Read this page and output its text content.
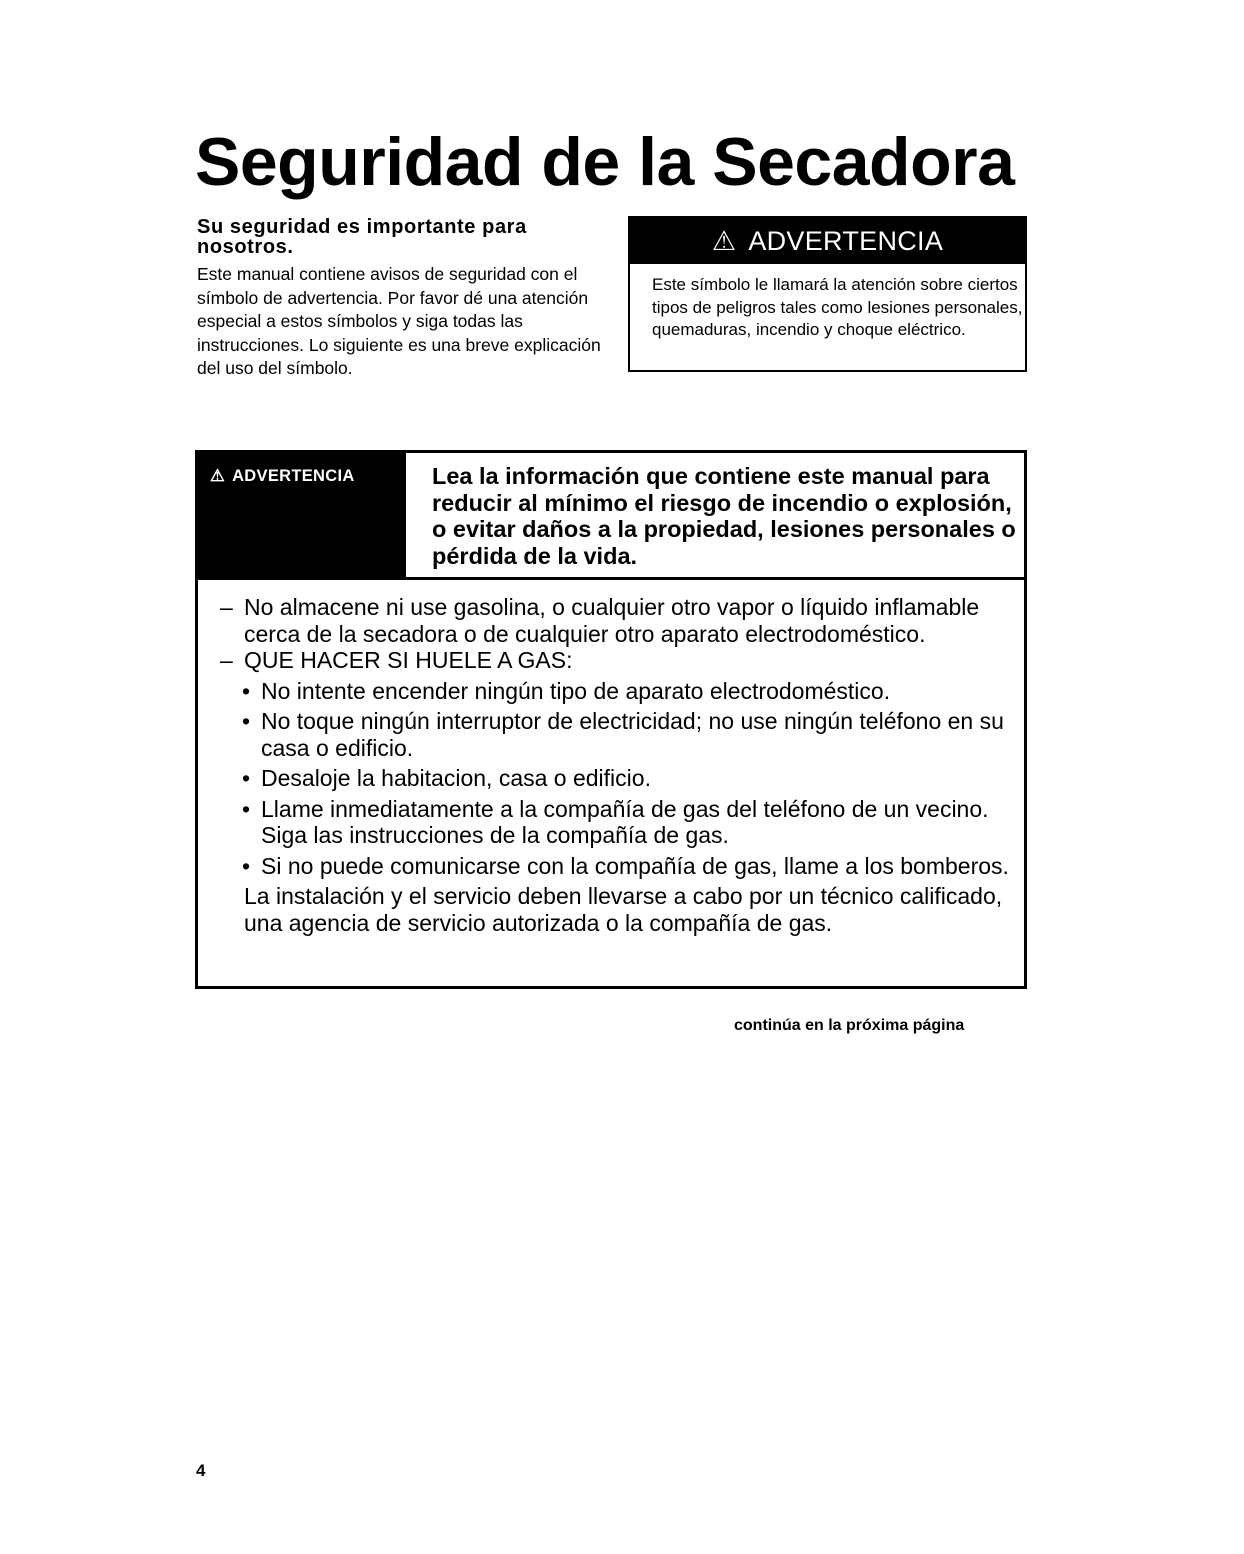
Seguridad de la Secadora

Su seguridad es importante para nosotros.

Este manual contiene avisos de seguridad con el símbolo de advertencia. Por favor dé una atención especial a estos símbolos y siga todas las instrucciones. Lo siguiente es una breve explicación del uso del símbolo.

⚠ ADVERTENCIA

Este símbolo le llamará la atención sobre ciertos tipos de peligros tales como lesiones personales, quemaduras, incendio y choque eléctrico.

⚠ ADVERTENCIA	Lea la información que contiene este manual para reducir al mínimo el riesgo de incendio o explosión, o evitar daños a la propiedad, lesiones personales o pérdida de la vida.

– No almacene ni use gasolina, o cualquier otro vapor o líquido inflamable cerca de la secadora o de cualquier otro aparato electrodoméstico.
– QUE HACER SI HUELE A GAS:
• No intente encender ningún tipo de aparato electrodoméstico.
• No toque ningún interruptor de electricidad; no use ningún teléfono en su casa o edificio.
• Desaloje la habitacion, casa o edificio.
• Llame inmediatamente a la compañía de gas del teléfono de un vecino. Siga las instrucciones de la compañía de gas.
• Si no puede comunicarse con la compañía de gas, llame a los bomberos.
La instalación y el servicio deben llevarse a cabo por un técnico calificado, una agencia de servicio autorizada o la compañía de gas.
continúa en la próxima página
4
